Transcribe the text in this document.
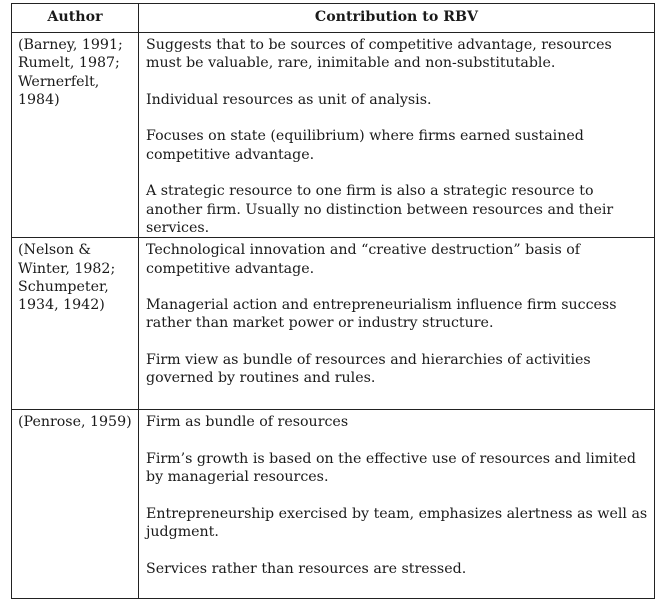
Author	Contribution to RBV
(Barney, 1991; Rumelt, 1987; Wernerfelt, 1984)	Suggests that to be sources of competitive advantage, resources must be valuable, rare, inimitable and non-substitutable.

Individual resources as unit of analysis.

Focuses on state (equilibrium) where firms earned sustained competitive advantage.

A strategic resource to one firm is also a strategic resource to another firm. Usually no distinction between resources and their services.

(Nelson & Winter, 1982; Schumpeter, 1934, 1942)	Technological innovation and “creative destruction” basis of competitive advantage.

Managerial action and entrepreneurialism influence firm success rather than market power or industry structure.

Firm view as bundle of resources and hierarchies of activities governed by routines and rules.

(Penrose, 1959)	Firm as bundle of resources

Firm’s growth is based on the effective use of resources and limited by managerial resources.

Entrepreneurship exercised by team, emphasizes alertness as well as judgment.

Services rather than resources are stressed.
